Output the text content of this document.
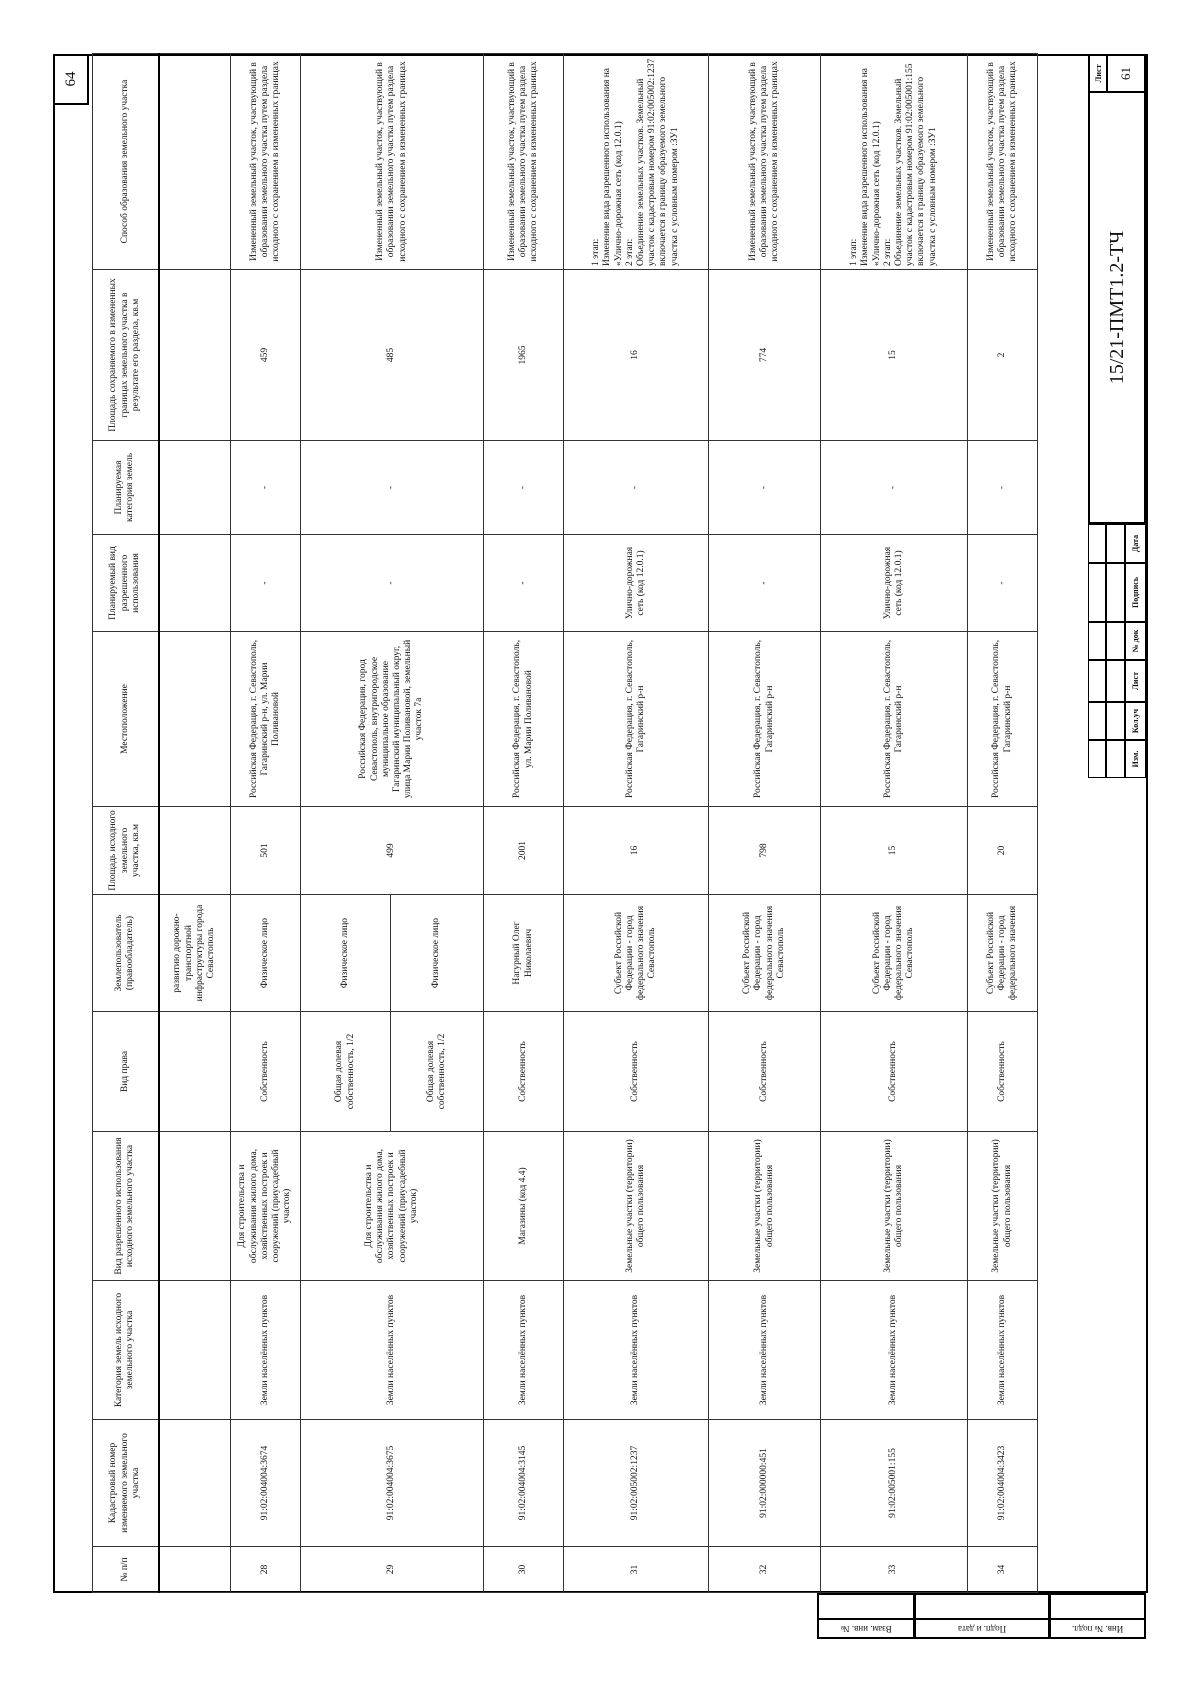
64
№ п/п	Кадастровый номер изменяемого земельного участка	Категория земель исходного земельного участка	Вид разрешенного использования исходного земельного участка	Вид права	Землепользователь (правообладатель)	Площадь исходного земельного участка, кв.м	Местоположение	Планируемый вид разрешенного использования	Планируемая категория земель	Площадь сохраняемого в измененных границах земельного участка в результате его раздела, кв.м	Способ образования земельного участка
					развитию дорожно-транспортной инфраструктуры города Севастополь						
28	91:02:004004:3674	Земли населённых пунктов	Для строительства и обслуживания жилого дома, хозяйственных построек и сооружений (приусадебный участок)	Собственность	Физическое лицо	501	Российская Федерация, г. Севастополь, Гагаринский р-н, ул. Марии Поливановой	-	-	459	Измененный земельный участок, участвующий в образовании земельного участка путем раздела исходного с сохранением в измененных границах
29	91:02:004004:3675	Земли населённых пунктов	Для строительства и обслуживания жилого дома, хозяйственных построек и сооружений (приусадебный участок)	Общая долевая собственность, 1/2	Физическое лицо	499	Российская Федерация, город Севастополь, внутригородское муниципальное образование Гагаринский муниципальный округ, улица Марии Поливановой, земельный участок 7а	-	-	485	Измененный земельный участок, участвующий в образовании земельного участка путем раздела исходного с сохранением в измененных границах
				Общая долевая собственность, 1/2	Физическое лицо						
30	91:02:004004:3145	Земли населённых пунктов	Магазины (код 4.4)	Собственность	Нагурный Олег Николаевич	2001	Российская Федерация, г. Севастополь, ул. Марии Поливановой	-	-	1965	Измененный земельный участок, участвующий в образовании земельного участка путем раздела исходного с сохранением в измененных границах
31	91:02:005002:1237	Земли населённых пунктов	Земельные участки (территории) общего пользования	Собственность	Субъект Российской Федерации - город федерального значения Севастополь	16	Российская Федерация, г. Севастополь, Гагаринский р-н	Улично-дорожная сеть (код 12.0.1)	-	16	1 этап:
Изменение вида разрешенного использования на «Улично-дорожная сеть (код 12.0.1)
2 этап:
Объединение земельных участков. Земельный участок с кадастровым номером 91:02:005002:1237 включается в границу образуемого земельного участка с условным номером :ЗУ1
32	91:02:000000:451	Земли населённых пунктов	Земельные участки (территории) общего пользования	Собственность	Субъект Российской Федерации - город федерального значения Севастополь	798	Российская Федерация, г. Севастополь, Гагаринский р-н	-	-	774	Измененный земельный участок, участвующий в образовании земельного участка путем раздела исходного с сохранением в измененных границах
33	91:02:005001:155	Земли населённых пунктов	Земельные участки (территории) общего пользования	Собственность	Субъект Российской Федерации - город федерального значения Севастополь	15	Российская Федерация, г. Севастополь, Гагаринский р-н	Улично-дорожная сеть (код 12.0.1)	-	15	1 этап:
Изменение вида разрешенного использования на «Улично-дорожная сеть (код 12.0.1)
2 этап:
Объединение земельных участков. Земельный участок с кадастровым номером 91:02:005001:155 включается в границу образуемого земельного участка с условным номером :ЗУ1
34	91:02:004004:3423	Земли населённых пунктов	Земельные участки (территории) общего пользования	Собственность	Субъект Российской Федерации - город федерального значения	20	Российская Федерация, г. Севастополь, Гагаринский р-н	-	-	2	Измененный земельный участок, участвующий в образовании земельного участка путем раздела исходного с сохранением в измененных границах	Лист	61
15/21-ПМТ1.2-ТЧ
Изм.
Кол.уч
Лист
№ док
Подпись
Дата
Взам. инв. №	Подп. и дата	Инв. № подл.
